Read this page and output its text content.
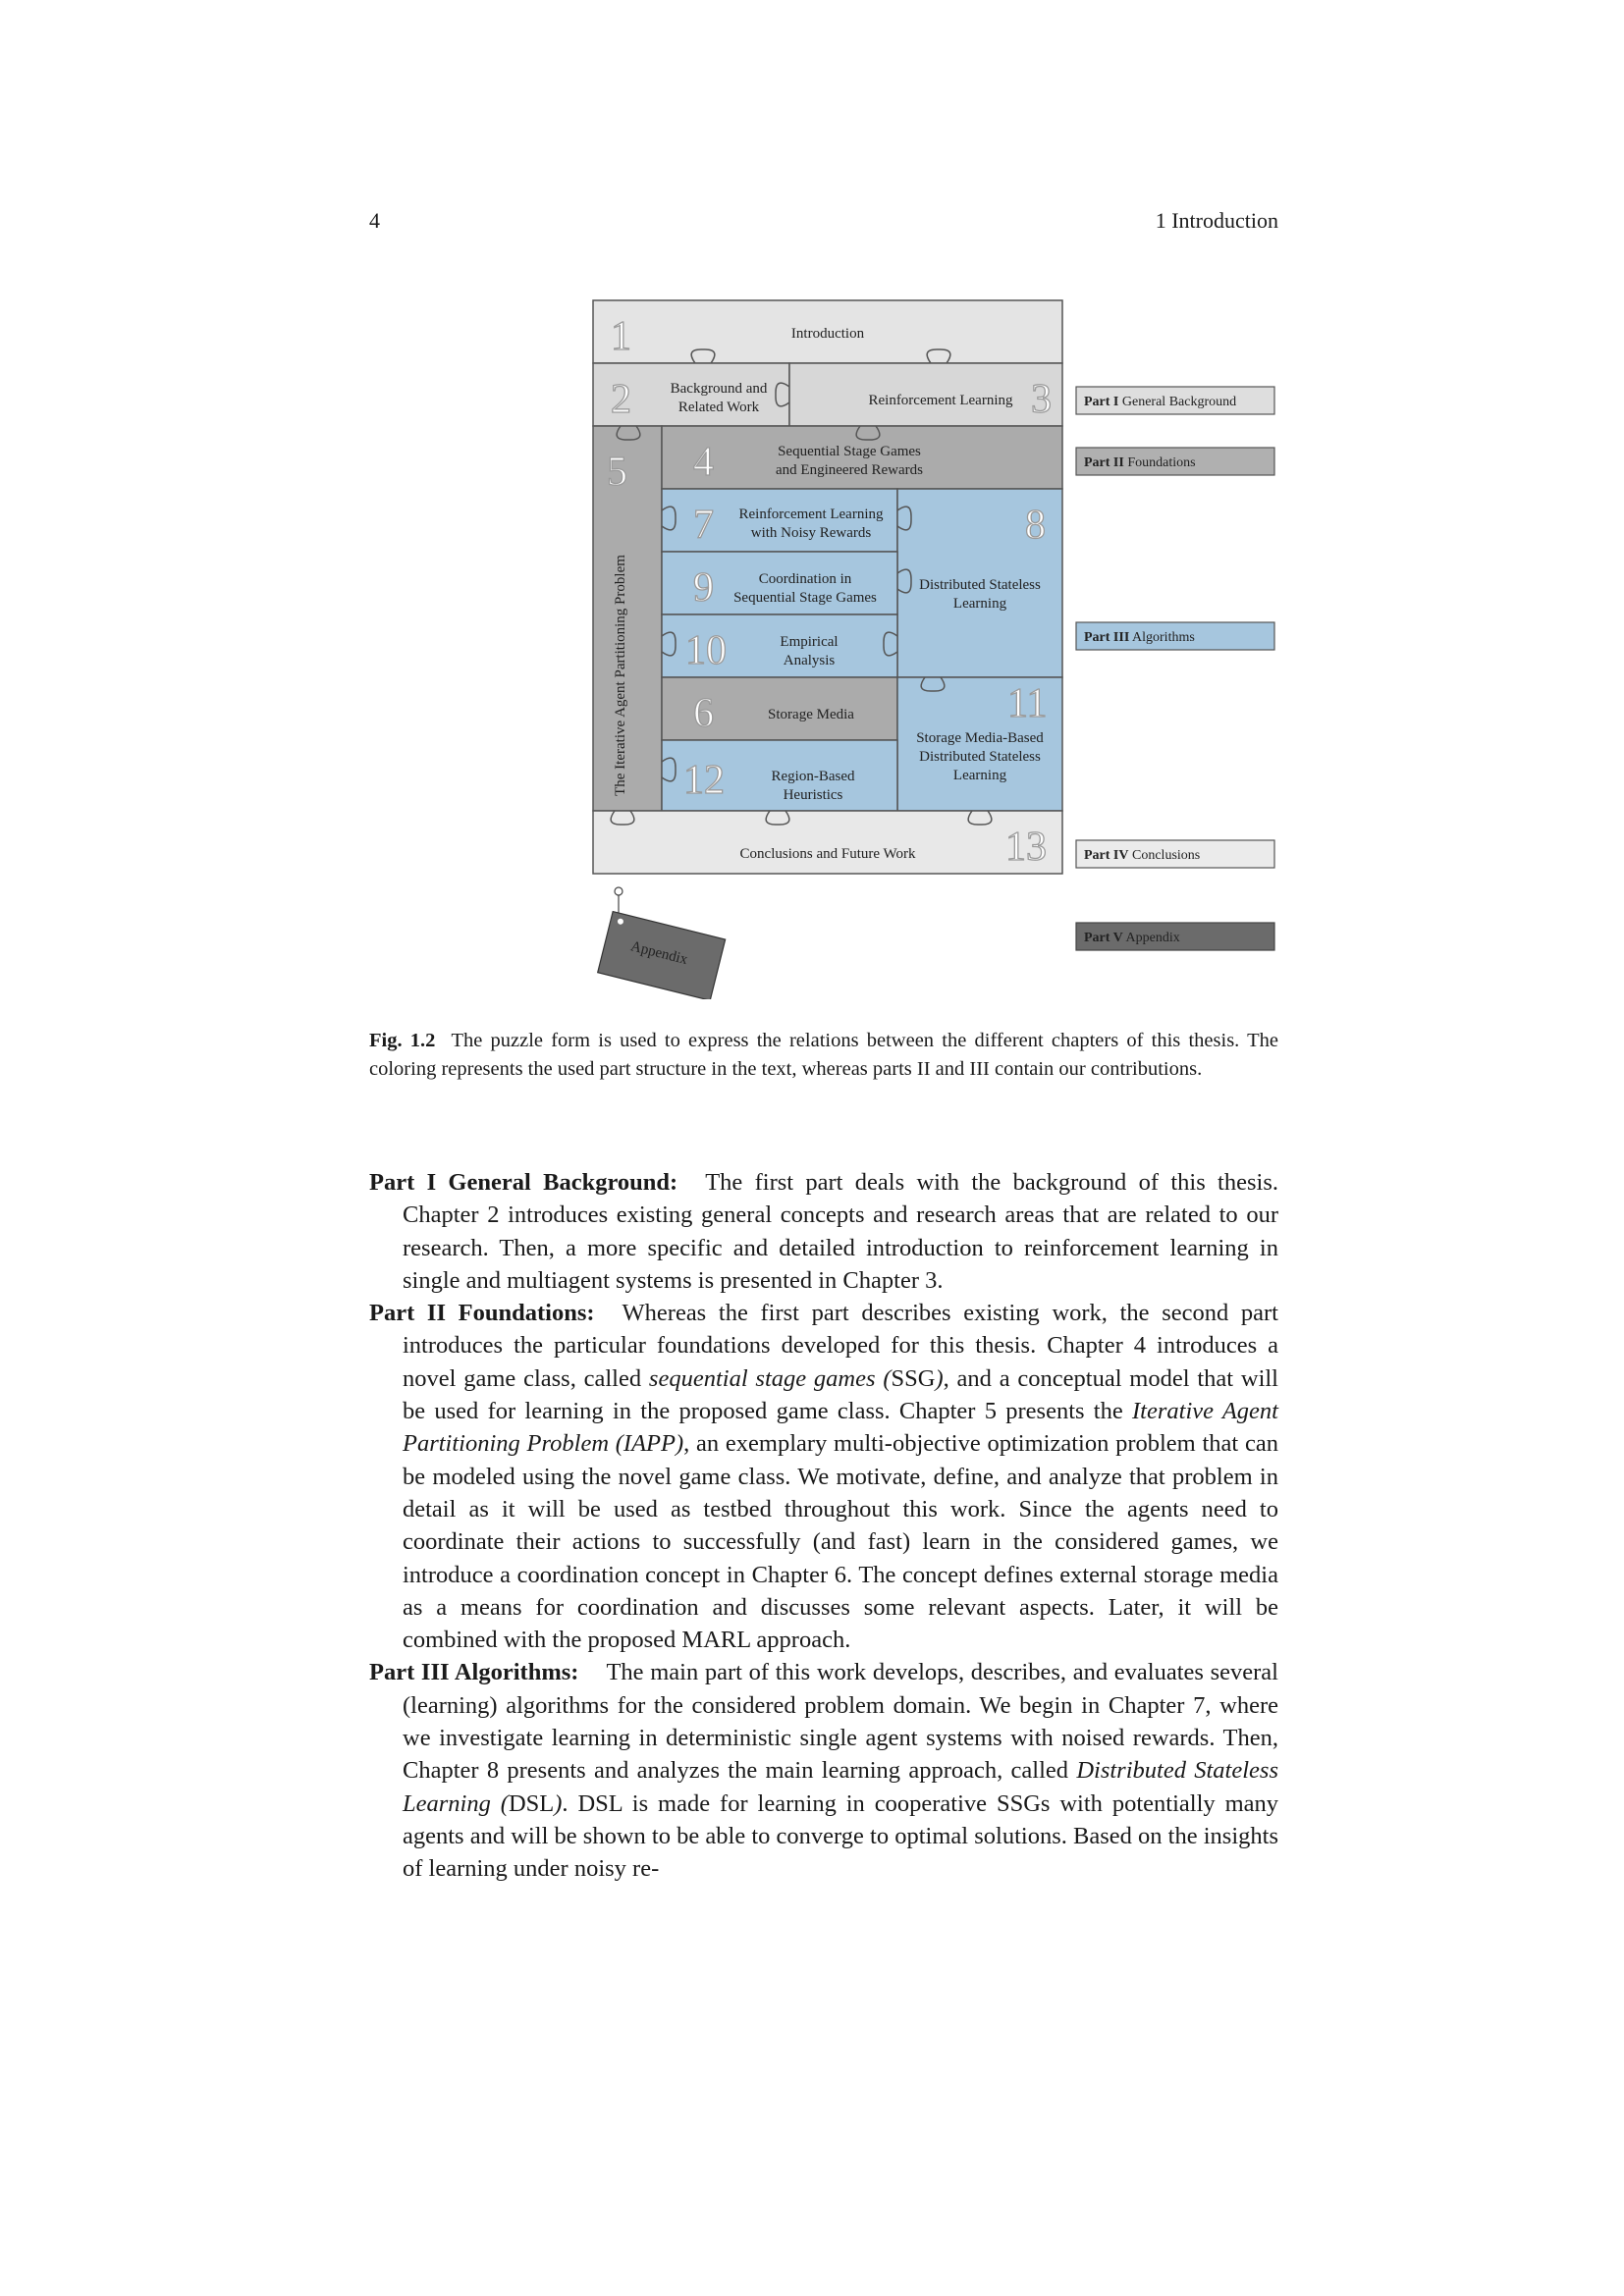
4	1 Introduction
1	Introduction
2	Background and
Related Work	3
Reinforcement Learning
5
The Iterative Agent Partitioning Problem
4	Sequential Stage Games
and Engineered Rewards
7 Reinforcement Learning
with Noisy Rewards	8
Distributed Stateless
Learning
9	Coordination in
Sequential Stage Games
10	Empirical
Analysis
6	Storage Media	11
Storage Media-Based
Distributed Stateless
Learning
12	Region-Based
Heuristics
13
Conclusions and Future Work
Appendix
Part I General Background
Part II Foundations
Part III Algorithms
Part IV Conclusions
Part V Appendix
Fig. 1.2 The puzzle form is used to express the relations between the different chapters of this thesis. The coloring represents the used part structure in the text, whereas parts II and III contain our contributions.
Part I General Background: The first part deals with the background of this thesis. Chapter 2 introduces existing general concepts and research areas that are related to our research. Then, a more specific and detailed introduction to reinforcement learning in single and multiagent systems is presented in Chapter 3.
Part II Foundations: Whereas the first part describes existing work, the second part introduces the particular foundations developed for this thesis. Chapter 4 introduces a novel game class, called sequential stage games (SSG), and a conceptual model that will be used for learning in the proposed game class. Chapter 5 presents the Iterative Agent Partitioning Problem (IAPP), an exemplary multi-objective optimization problem that can be modeled using the novel game class. We motivate, define, and analyze that problem in detail as it will be used as testbed throughout this work. Since the agents need to coordinate their actions to successfully (and fast) learn in the considered games, we introduce a coordination concept in Chapter 6. The concept defines external storage media as a means for coordination and discusses some relevant aspects. Later, it will be combined with the proposed MARL approach.
Part III Algorithms: The main part of this work develops, describes, and evaluates several (learning) algorithms for the considered problem domain. We begin in Chapter 7, where we investigate learning in deterministic single agent systems with noised rewards. Then, Chapter 8 presents and analyzes the main learning approach, called Distributed Stateless Learning (DSL). DSL is made for learning in cooperative SSGs with potentially many agents and will be shown to be able to converge to optimal solutions. Based on the insights of learning under noisy re-
